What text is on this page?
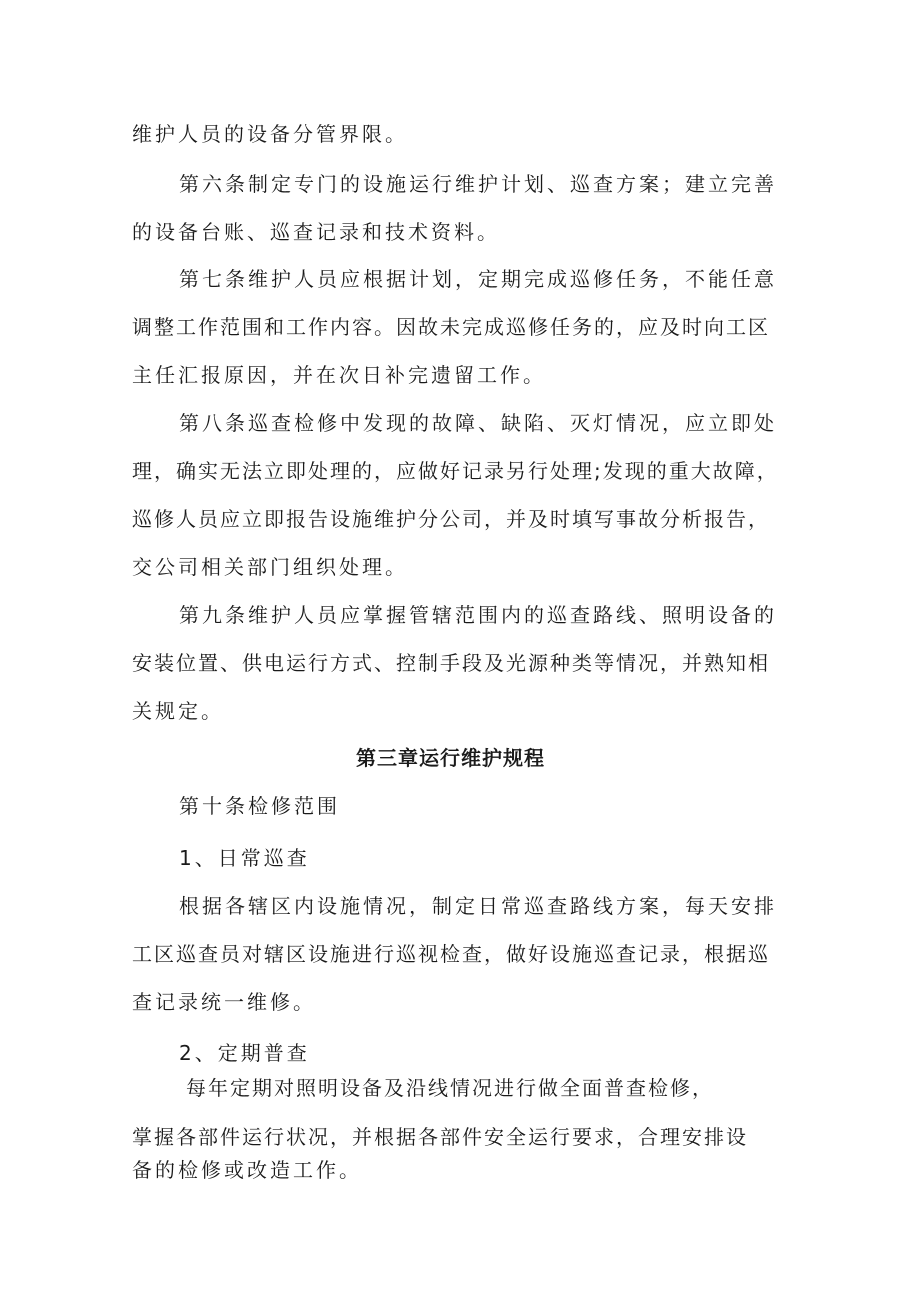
维护人员的设备分管界限。
第六条制定专门的设施运行维护计划、巡查方案；建立完善
的设备台账、巡查记录和技术资料。
第七条维护人员应根据计划，定期完成巡修任务，不能任意
调整工作范围和工作内容。因故未完成巡修任务的，应及时向工区
主任汇报原因，并在次日补完遗留工作。
第八条巡查检修中发现的故障、缺陷、灭灯情况，应立即处
理，确实无法立即处理的，应做好记录另行处理;发现的重大故障，
巡修人员应立即报告设施维护分公司，并及时填写事故分析报告，
交公司相关部门组织处理。
第九条维护人员应掌握管辖范围内的巡查路线、照明设备的
安装位置、供电运行方式、控制手段及光源种类等情况，并熟知相
关规定。
第三章运行维护规程
第十条检修范围
1、日常巡查
根据各辖区内设施情况，制定日常巡查路线方案，每天安排
工区巡查员对辖区设施进行巡视检查，做好设施巡查记录，根据巡
查记录统一维修。
2、定期普查
每年定期对照明设备及沿线情况进行做全面普查检修，
掌握各部件运行状况，并根据各部件安全运行要求，合理安排设
备的检修或改造工作。
